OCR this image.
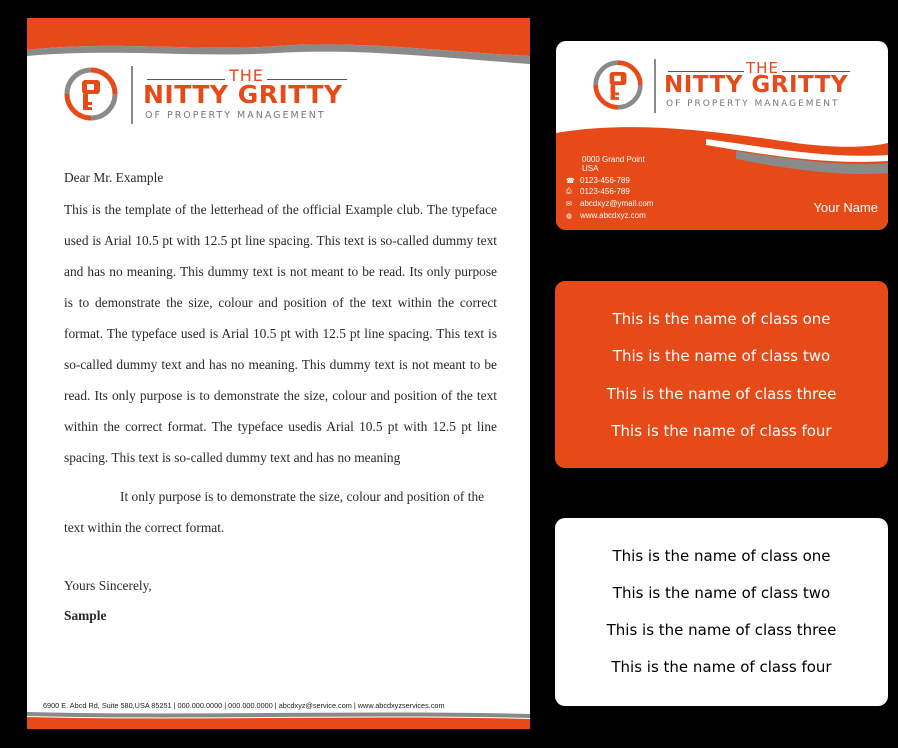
THE
NITTY GRITTY
OF PROPERTY MANAGEMENT
Dear Mr. Example

This is the template of the letterhead of the official Example club. The typeface used is Arial 10.5 pt with 12.5 pt line spacing. This text is so-called dummy text and has no meaning. This dummy text is not meant to be read. Its only purpose is to demonstrate the size, colour and position of the text within the correct format. The typeface used is Arial 10.5 pt with 12.5 pt line spacing. This text is so-called dummy text and has no meaning. This dummy text is not meant to be read. Its only purpose is to demonstrate the size, colour and position of the text within the correct format. The typeface usedis Arial 10.5 pt with 12.5 pt line spacing. This text is so-called dummy text and has no meaning

It only purpose is to demonstrate the size, colour and position of the text within the correct format.

Yours Sincerely,
Sample
6900 E. Abcd Rd, Suite 580,USA 85251 | 000.000.0000 | 000.000.0000 | abcdxyz@service.com | www.abcdxyzservices.com
THE
NITTY GRITTY
OF PROPERTY MANAGEMENT
0000 Grand Point
USA
☎ 0123-456-789
⎙	0123-456-789
✉	abcdxyz@ymail.com
◍ www.abcdxyz.com
Your Name
This is the name of class one
This is the name of class two
This is the name of class three
This is the name of class four
This is the name of class one
This is the name of class two
This is the name of class three
This is the name of class four
